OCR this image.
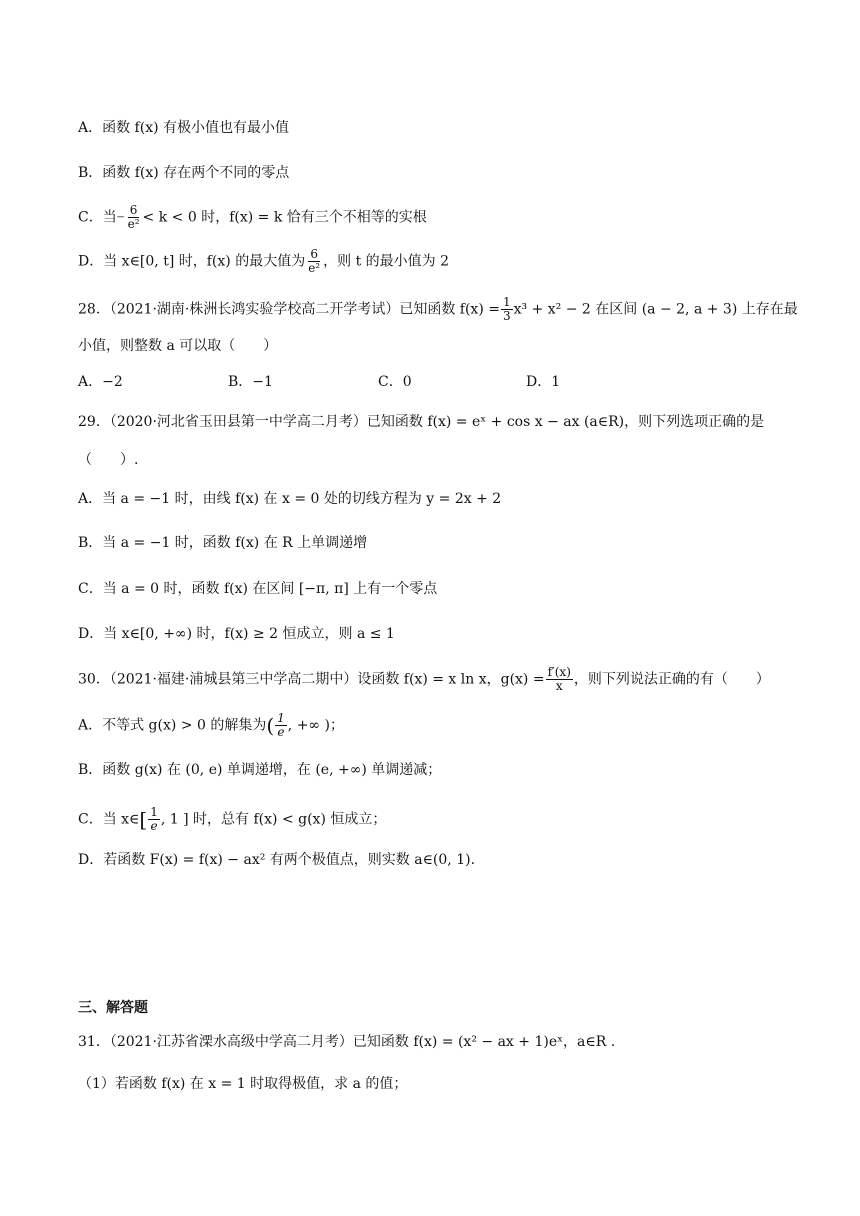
A．函数 f(x) 有极小值也有最小值
B．函数 f(x) 存在两个不同的零点
C．当− $\frac{6}{\text{e²}} < k < 0$ 时，f(x) = k 恰有三个不相等的实根
D．当 x∈[0, t] 时，f(x) 的最大值为 $\frac{6}{\text{e²}}$ ，则 t 的最小值为 2
28．（2021·湖南·株洲长鸿实验学校高二开学考试）已知函数 $f(x) = \frac{1}{3} x^3 + x^2 - 2$ 在区间 (a − 2, a + 3) 上存在最
小值，则整数 a 可以取（　　）
A．−2	B．−1	C．0	D．1
29．（2020·河北省玉田县第一中学高二月考）已知函数 f(x) = eˣ + cos x − ax (a∈R)，则下列选项正确的是
（　　）.
A．当 a = −1 时，由线 f(x) 在 x = 0 处的切线方程为 y = 2x + 2
B．当 a = −1 时，函数 f(x) 在 R 上单调递增
C．当 a = 0 时，函数 f(x) 在区间 [−π, π] 上有一个零点
D．当 x∈[0, +∞) 时，f(x) ≥ 2 恒成立，则 a ≤ 1
30．（2021·福建·浦城县第三中学高二期中）设函数 f(x) = x ln x，$g(x) = \frac{f'(x)}{x}$ ，则下列说法正确的有（　　）
A．不等式 g(x) > 0 的解集为( $\frac{1}{e}$ , +∞ )；
B．函数 g(x) 在 (0, e) 单调递增，在 (e, +∞) 单调递减；
C．当 x∈[ $\frac{1}{e}$ , 1 ] 时，总有 f(x) < g(x) 恒成立；
D．若函数 F(x) = f(x) − ax² 有两个极值点，则实数 a∈(0, 1).
三、解答题
31．（2021·江苏省溧水高级中学高二月考）已知函数 f(x) = (x² − ax + 1)eˣ，a∈R .
（1）若函数 f(x) 在 x = 1 时取得极值，求 a 的值；
